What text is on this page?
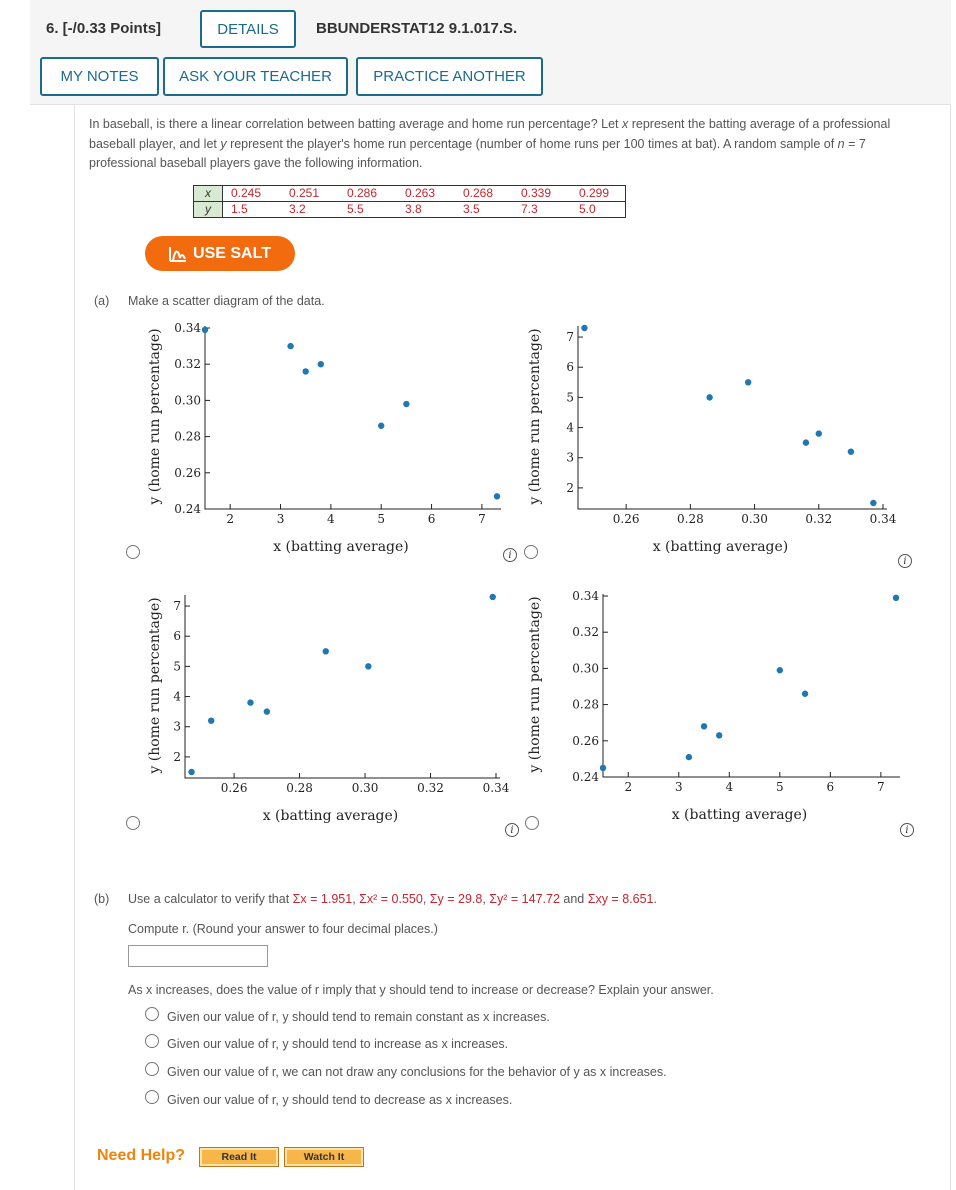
6. [-/0.33 Points]	DETAILS	BBUNDERSTAT12 9.1.017.S.
MY NOTES	ASK YOUR TEACHER	PRACTICE ANOTHER
In baseball, is there a linear correlation between batting average and home run percentage? Let x represent the batting average of a professional baseball player, and let y represent the player's home run percentage (number of home runs per 100 times at bat). A random sample of n = 7 professional baseball players gave the following information.
x	0.245 0.251 0.286 0.263 0.268 0.339 0.299
y	1.5 3.2 5.5 3.8 3.5 7.3 5.0
USE SALT
(a) Make a scatter diagram of the data.
2	3	4	5	6	7
0.24
0.26
0.28
0.30
0.32
0.34
x (batting average)
y (home run percentage)
i
0.26	0.28	0.30	0.32	0.34
2
3
4
5
6
7
x (batting average)
y (home run percentage)
i
0.26	0.28	0.30	0.32	0.34
2
3
4
5
6
7
x (batting average)
y (home run percentage)
i
2	3	4	5	6	7
0.24
0.26
0.28
0.30
0.32
0.34
x (batting average)
y (home run percentage)
i
(b) Use a calculator to verify that Σx = 1.951, Σx² = 0.550, Σy = 29.8, Σy² = 147.72 and Σxy = 8.651.
Compute r. (Round your answer to four decimal places.)
As x increases, does the value of r imply that y should tend to increase or decrease? Explain your answer.
Given our value of r, y should tend to remain constant as x increases.
Given our value of r, y should tend to increase as x increases.
Given our value of r, we can not draw any conclusions for the behavior of y as x increases.
Given our value of r, y should tend to decrease as x increases.
Need Help?	Read It	Watch It
